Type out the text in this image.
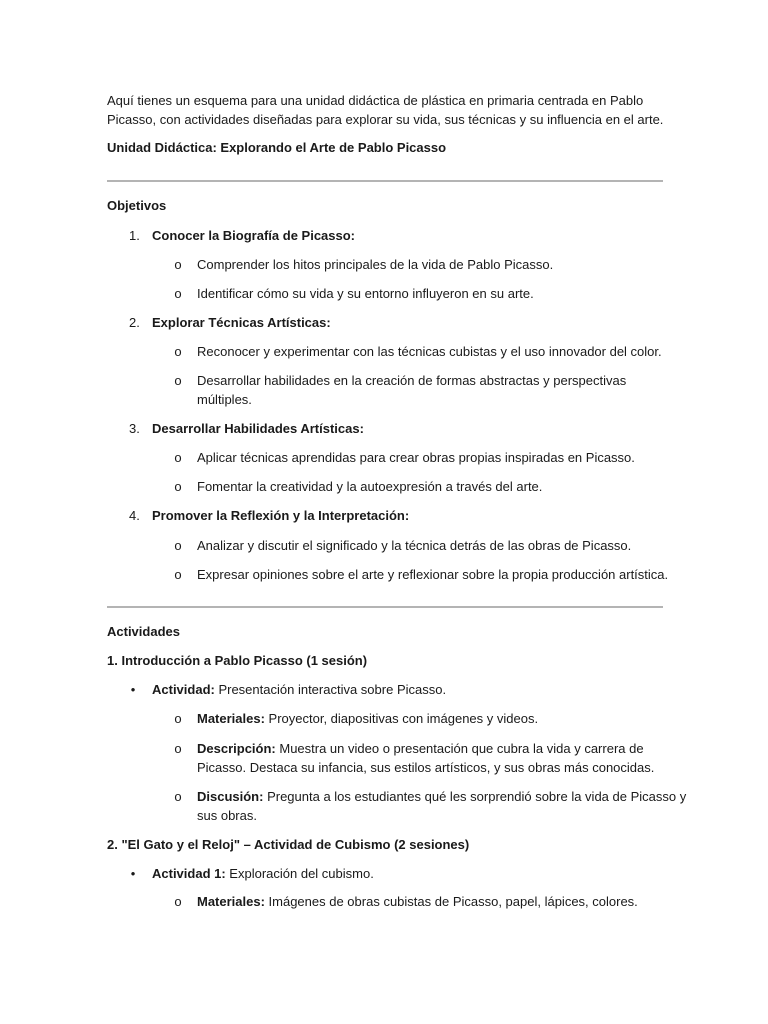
Aquí tienes un esquema para una unidad didáctica de plástica en primaria centrada en Pablo
Picasso, con actividades diseñadas para explorar su vida, sus técnicas y su influencia en el arte.
Unidad Didáctica: Explorando el Arte de Pablo Picasso
Objetivos
1. Conocer la Biografía de Picasso:
o Comprender los hitos principales de la vida de Pablo Picasso.
o Identificar cómo su vida y su entorno influyeron en su arte.
2. Explorar Técnicas Artísticas:
o Reconocer y experimentar con las técnicas cubistas y el uso innovador del color.
o Desarrollar habilidades en la creación de formas abstractas y perspectivas
múltiples.
3. Desarrollar Habilidades Artísticas:
o Aplicar técnicas aprendidas para crear obras propias inspiradas en Picasso.
o Fomentar la creatividad y la autoexpresión a través del arte.
4. Promover la Reflexión y la Interpretación:
o Analizar y discutir el significado y la técnica detrás de las obras de Picasso.
o Expresar opiniones sobre el arte y reflexionar sobre la propia producción artística.
Actividades
1. Introducción a Pablo Picasso (1 sesión)
• Actividad: Presentación interactiva sobre Picasso.
o Materiales: Proyector, diapositivas con imágenes y videos.
o Descripción: Muestra un video o presentación que cubra la vida y carrera de
Picasso. Destaca su infancia, sus estilos artísticos, y sus obras más conocidas.
o Discusión: Pregunta a los estudiantes qué les sorprendió sobre la vida de Picasso y
sus obras.
2. "El Gato y el Reloj" – Actividad de Cubismo (2 sesiones)
• Actividad 1: Exploración del cubismo.
o Materiales: Imágenes de obras cubistas de Picasso, papel, lápices, colores.
